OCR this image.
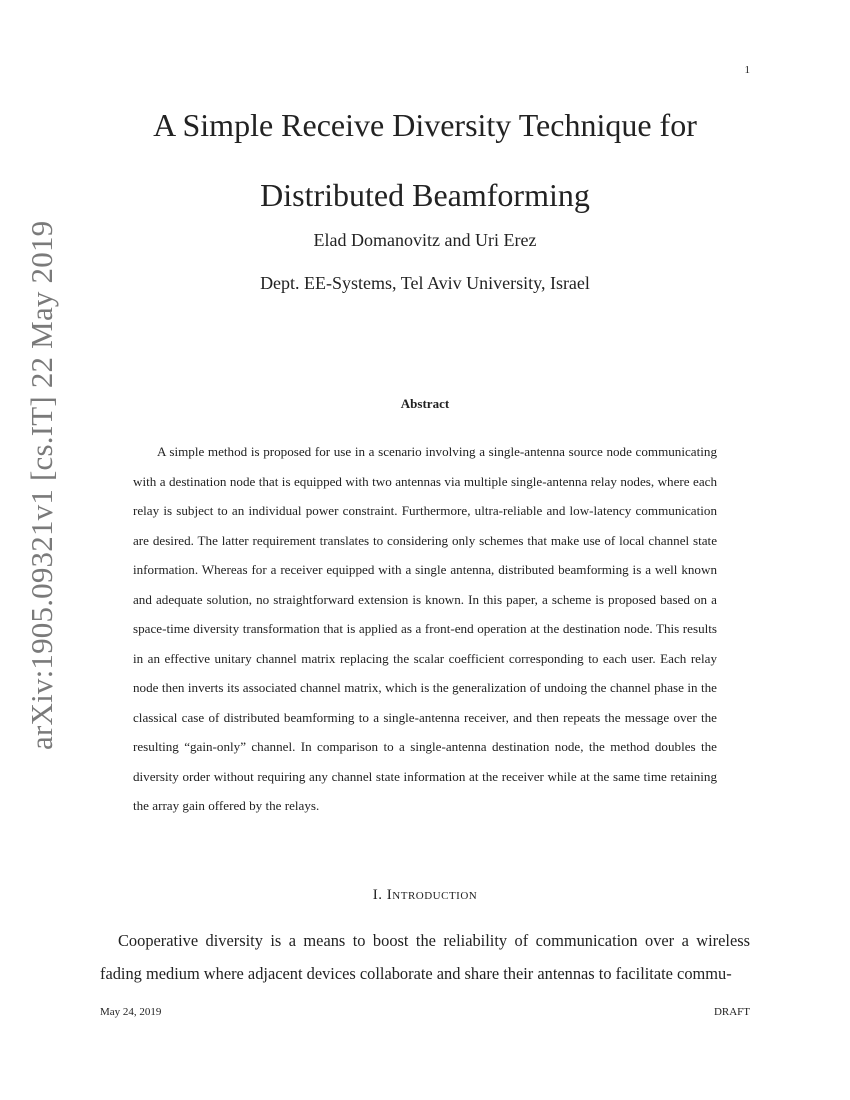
1
arXiv:1905.09321v1 [cs.IT] 22 May 2019
A Simple Receive Diversity Technique for
Distributed Beamforming
Elad Domanovitz and Uri Erez
Dept. EE-Systems, Tel Aviv University, Israel
Abstract

A simple method is proposed for use in a scenario involving a single-antenna source node communicating with a destination node that is equipped with two antennas via multiple single-antenna relay nodes, where each relay is subject to an individual power constraint. Furthermore, ultra-reliable and low-latency communication are desired. The latter requirement translates to considering only schemes that make use of local channel state information. Whereas for a receiver equipped with a single antenna, distributed beamforming is a well known and adequate solution, no straightforward extension is known. In this paper, a scheme is proposed based on a space-time diversity transformation that is applied as a front-end operation at the destination node. This results in an effective unitary channel matrix replacing the scalar coefficient corresponding to each user. Each relay node then inverts its associated channel matrix, which is the generalization of undoing the channel phase in the classical case of distributed beamforming to a single-antenna receiver, and then repeats the message over the resulting “gain-only” channel. In comparison to a single-antenna destination node, the method doubles the diversity order without requiring any channel state information at the receiver while at the same time retaining the array gain offered by the relays.

I. Introduction

Cooperative diversity is a means to boost the reliability of communication over a wireless fading medium where adjacent devices collaborate and share their antennas to facilitate commu-

May 24, 2019	DRAFT
